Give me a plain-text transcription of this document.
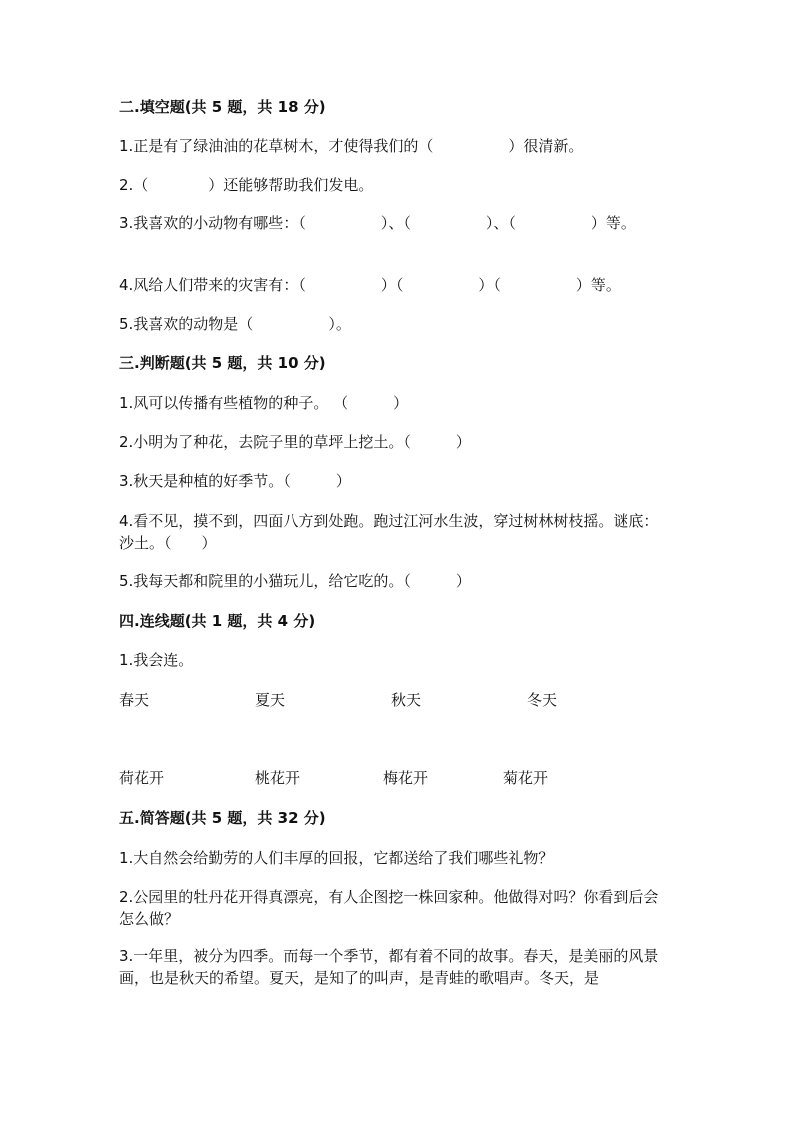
二.填空题(共 5 题，共 18 分)
1.正是有了绿油油的花草树木，才使得我们的（　　　　　）很清新。
2.（　　　　）还能够帮助我们发电。
3.我喜欢的小动物有哪些：（　　　　　）、（　　　　　）、（　　　　　）等。
4.风给人们带来的灾害有：（　　　　　）（　　　　　）（　　　　　）等。
5.我喜欢的动物是（　　　　　）。
三.判断题(共 5 题，共 10 分)
1.风可以传播有些植物的种子。 （　　　）
2.小明为了种花，去院子里的草坪上挖土。（　　　）
3.秋天是种植的好季节。（　　　）
4.看不见，摸不到，四面八方到处跑。跑过江河水生波，穿过树林树枝摇。谜底：沙土。（　　）
5.我每天都和院里的小猫玩儿，给它吃的。（　　　）
四.连线题(共 1 题，共 4 分)
1.我会连。
春天	夏天	秋天	冬天
荷花开	桃花开	梅花开	菊花开
五.简答题(共 5 题，共 32 分)
1.大自然会给勤劳的人们丰厚的回报，它都送给了我们哪些礼物？
2.公园里的牡丹花开得真漂亮，有人企图挖一株回家种。他做得对吗？你看到后会怎么做？
3.一年里，被分为四季。而每一个季节，都有着不同的故事。春天，是美丽的风景画，也是秋天的希望。夏天，是知了的叫声，是青蛙的歌唱声。冬天，是
